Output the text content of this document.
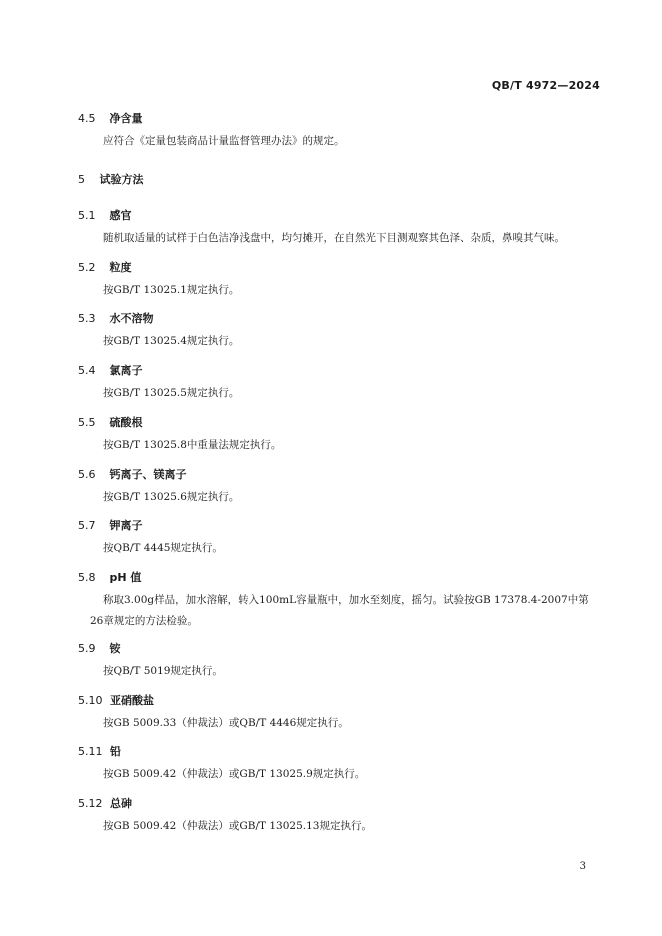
QB/T 4972—2024
4.5 净含量
应符合《定量包装商品计量监督管理办法》的规定。
5 试验方法
5.1 感官
随机取适量的试样于白色洁净浅盘中，均匀摊开，在自然光下目测观察其色泽、杂质，鼻嗅其气味。
5.2 粒度
按GB/T 13025.1规定执行。
5.3 水不溶物
按GB/T 13025.4规定执行。
5.4 氯离子
按GB/T 13025.5规定执行。
5.5 硫酸根
按GB/T 13025.8中重量法规定执行。
5.6 钙离子、镁离子
按GB/T 13025.6规定执行。
5.7 钾离子
按QB/T 4445规定执行。
5.8 pH 值
称取3.00g样品，加水溶解，转入100mL容量瓶中，加水至刻度，摇匀。试验按GB 17378.4-2007中第26章规定的方法检验。
5.9 铵
按QB/T 5019规定执行。
5.10 亚硝酸盐
按GB 5009.33（仲裁法）或QB/T 4446规定执行。
5.11 铅
按GB 5009.42（仲裁法）或GB/T 13025.9规定执行。
5.12 总砷
按GB 5009.42（仲裁法）或GB/T 13025.13规定执行。
3
